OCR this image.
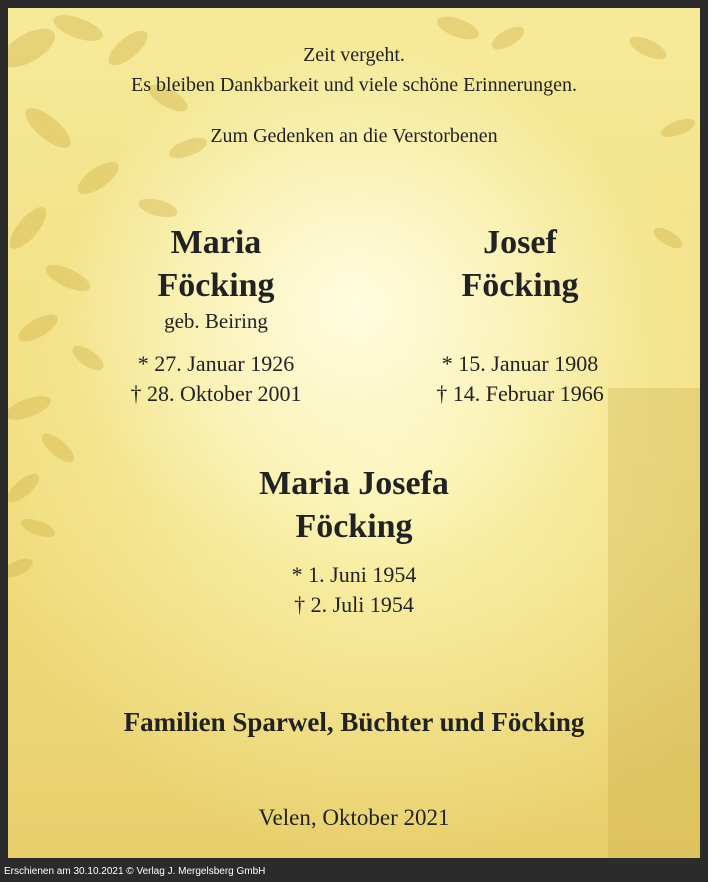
Zeit vergeht.
Es bleiben Dankbarkeit und viele schöne Erinnerungen.
Zum Gedenken an die Verstorbenen
Maria
Föcking
geb. Beiring
* 27. Januar 1926
† 28. Oktober 2001
Josef
Föcking
* 15. Januar 1908
† 14. Februar 1966
Maria Josefa
Föcking
* 1. Juni 1954
† 2. Juli 1954
Familien Sparwel, Büchter und Föcking
Velen, Oktober 2021
Erschienen am 30.10.2021 © Verlag J. Mergelsberg GmbH
